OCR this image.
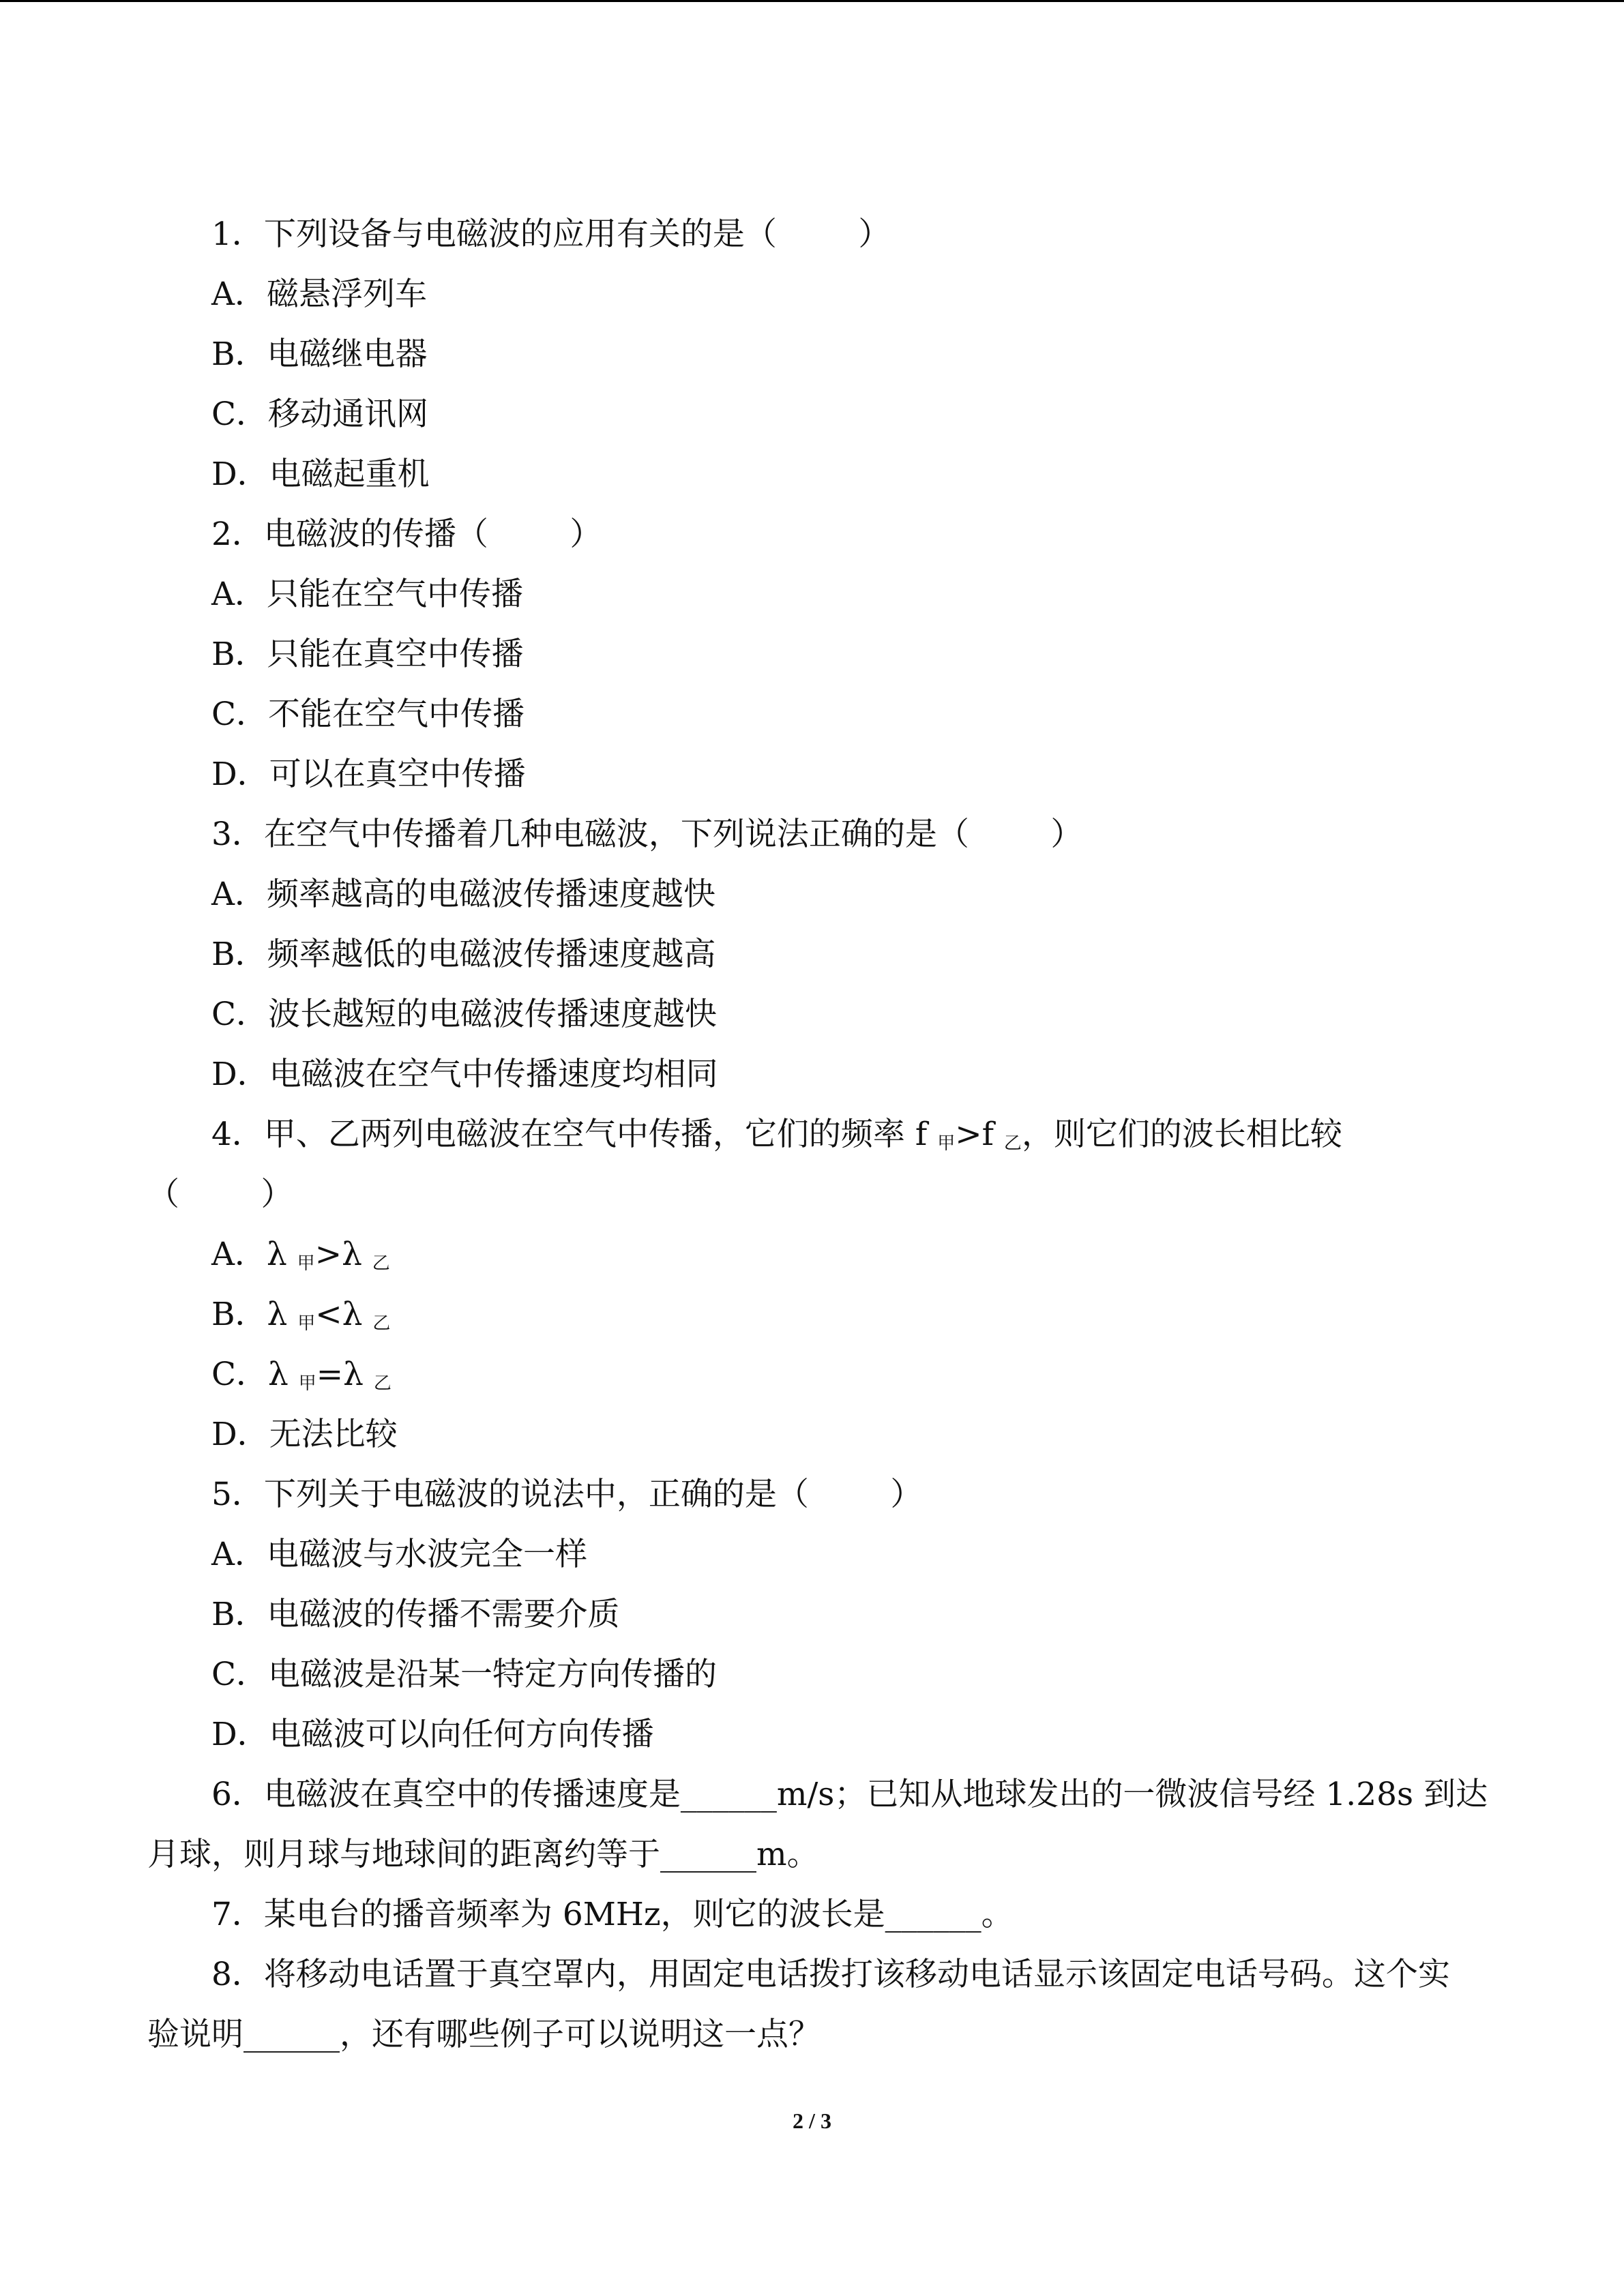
1．下列设备与电磁波的应用有关的是（        ）
A．磁悬浮列车
B．电磁继电器
C．移动通讯网
D．电磁起重机
2．电磁波的传播（        ）
A．只能在空气中传播
B．只能在真空中传播
C．不能在空气中传播
D．可以在真空中传播
3．在空气中传播着几种电磁波，下列说法正确的是（        ）
A．频率越高的电磁波传播速度越快
B．频率越低的电磁波传播速度越高
C．波长越短的电磁波传播速度越快
D．电磁波在空气中传播速度均相同
4．甲、乙两列电磁波在空气中传播，它们的频率 f $_甲$>f $_乙$，则它们的波长相比较
（        ）
A．λ $_甲$>λ $_乙$
B．λ $_甲$<λ $_乙$
C．λ $_甲$=λ $_乙$
D．无法比较
5．下列关于电磁波的说法中，正确的是（        ）
A．电磁波与水波完全一样
B．电磁波的传播不需要介质
C．电磁波是沿某一特定方向传播的
D．电磁波可以向任何方向传播
6．电磁波在真空中的传播速度是______m/s；已知从地球发出的一微波信号经 1.28s 到达
月球，则月球与地球间的距离约等于______m。
7．某电台的播音频率为 6MHz，则它的波长是______。
8．将移动电话置于真空罩内，用固定电话拨打该移动电话显示该固定电话号码。这个实
验说明______，还有哪些例子可以说明这一点？
2 / 3
